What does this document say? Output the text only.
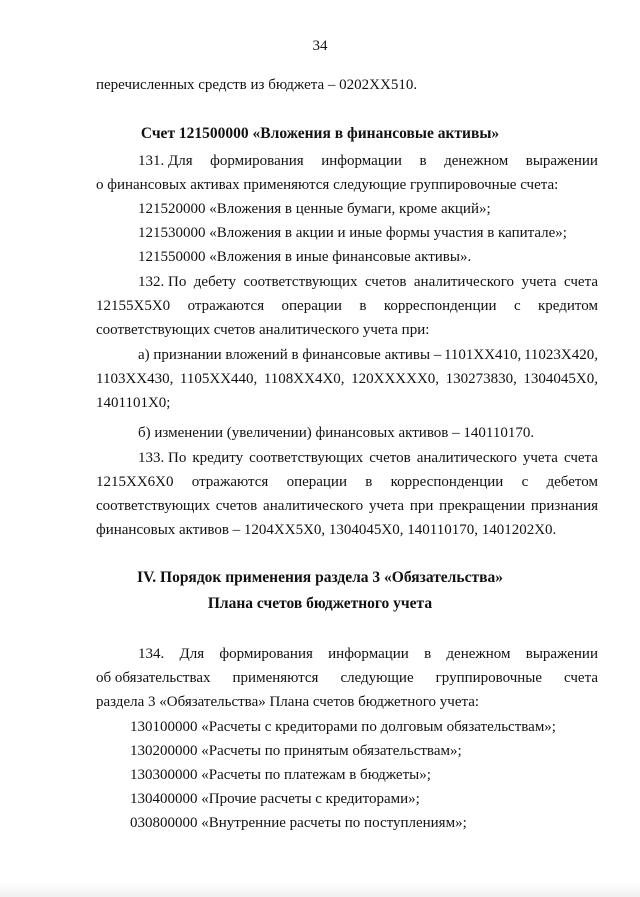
34
перечисленных средств из бюджета – 0202ХХ510.
Счет 121500000 «Вложения в финансовые активы»
131. Для формирования информации в денежном выражении
о финансовых активах применяются следующие группировочные счета:
121520000 «Вложения в ценные бумаги, кроме акций»;
121530000 «Вложения в акции и иные формы участия в капитале»;
121550000 «Вложения в иные финансовые активы».
132. По дебету соответствующих счетов аналитического учета счета
12155Х5Х0 отражаются операции в корреспонденции с кредитом
соответствующих счетов аналитического учета при:
а) признании вложений в финансовые активы – 1101ХХ410, 11023Х420,
1103ХХ430, 1105ХХ440, 1108ХХ4Х0, 120ХХХХХ0, 130273830, 1304045Х0,
1401101Х0;
б) изменении (увеличении) финансовых активов – 140110170.
133. По кредиту соответствующих счетов аналитического учета счета
1215ХХ6Х0 отражаются операции в корреспонденции с дебетом
соответствующих счетов аналитического учета при прекращении признания
финансовых активов – 1204ХХ5Х0, 1304045Х0, 140110170, 1401202Х0.
IV. Порядок применения раздела 3 «Обязательства»
Плана счетов бюджетного учета
134. Для формирования информации в денежном выражении
об обязательствах применяются следующие группировочные счета
раздела 3 «Обязательства» Плана счетов бюджетного учета:
130100000 «Расчеты с кредиторами по долговым обязательствам»;
130200000 «Расчеты по принятым обязательствам»;
130300000 «Расчеты по платежам в бюджеты»;
130400000 «Прочие расчеты с кредиторами»;
030800000 «Внутренние расчеты по поступлениям»;
